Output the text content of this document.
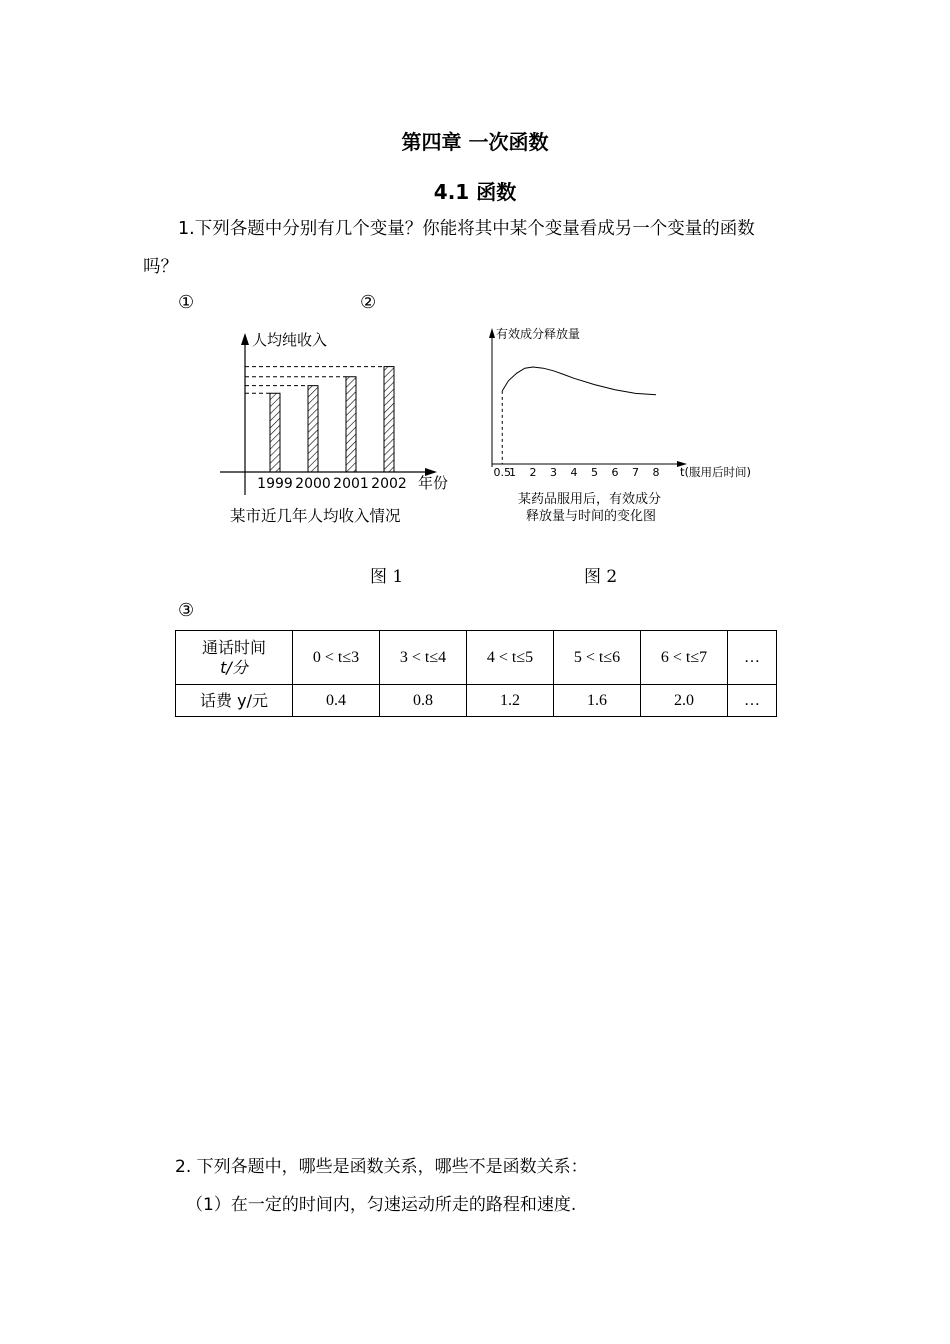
第四章 一次函数
4.1 函数
1.下列各题中分别有几个变量？你能将其中某个变量看成另一个变量的函数
吗？
①	②
人均纯收入
年份
1999 2000 2001 2002
某市近几年人均收入情况
有效成分释放量
t(服用后时间)
0.5
1 2 3 4 5 6 7 8
某药品服用后，有效成分
释放量与时间的变化图
图 1	图 2
③
通话时间
t/分	0 < t≤3	3 < t≤4	4 < t≤5	5 < t≤6	6 < t≤7	…
话费 y/元	0.4	0.8	1.2	1.6	2.0	…
2. 下列各题中，哪些是函数关系，哪些不是函数关系：
（1）在一定的时间内，匀速运动所走的路程和速度.
